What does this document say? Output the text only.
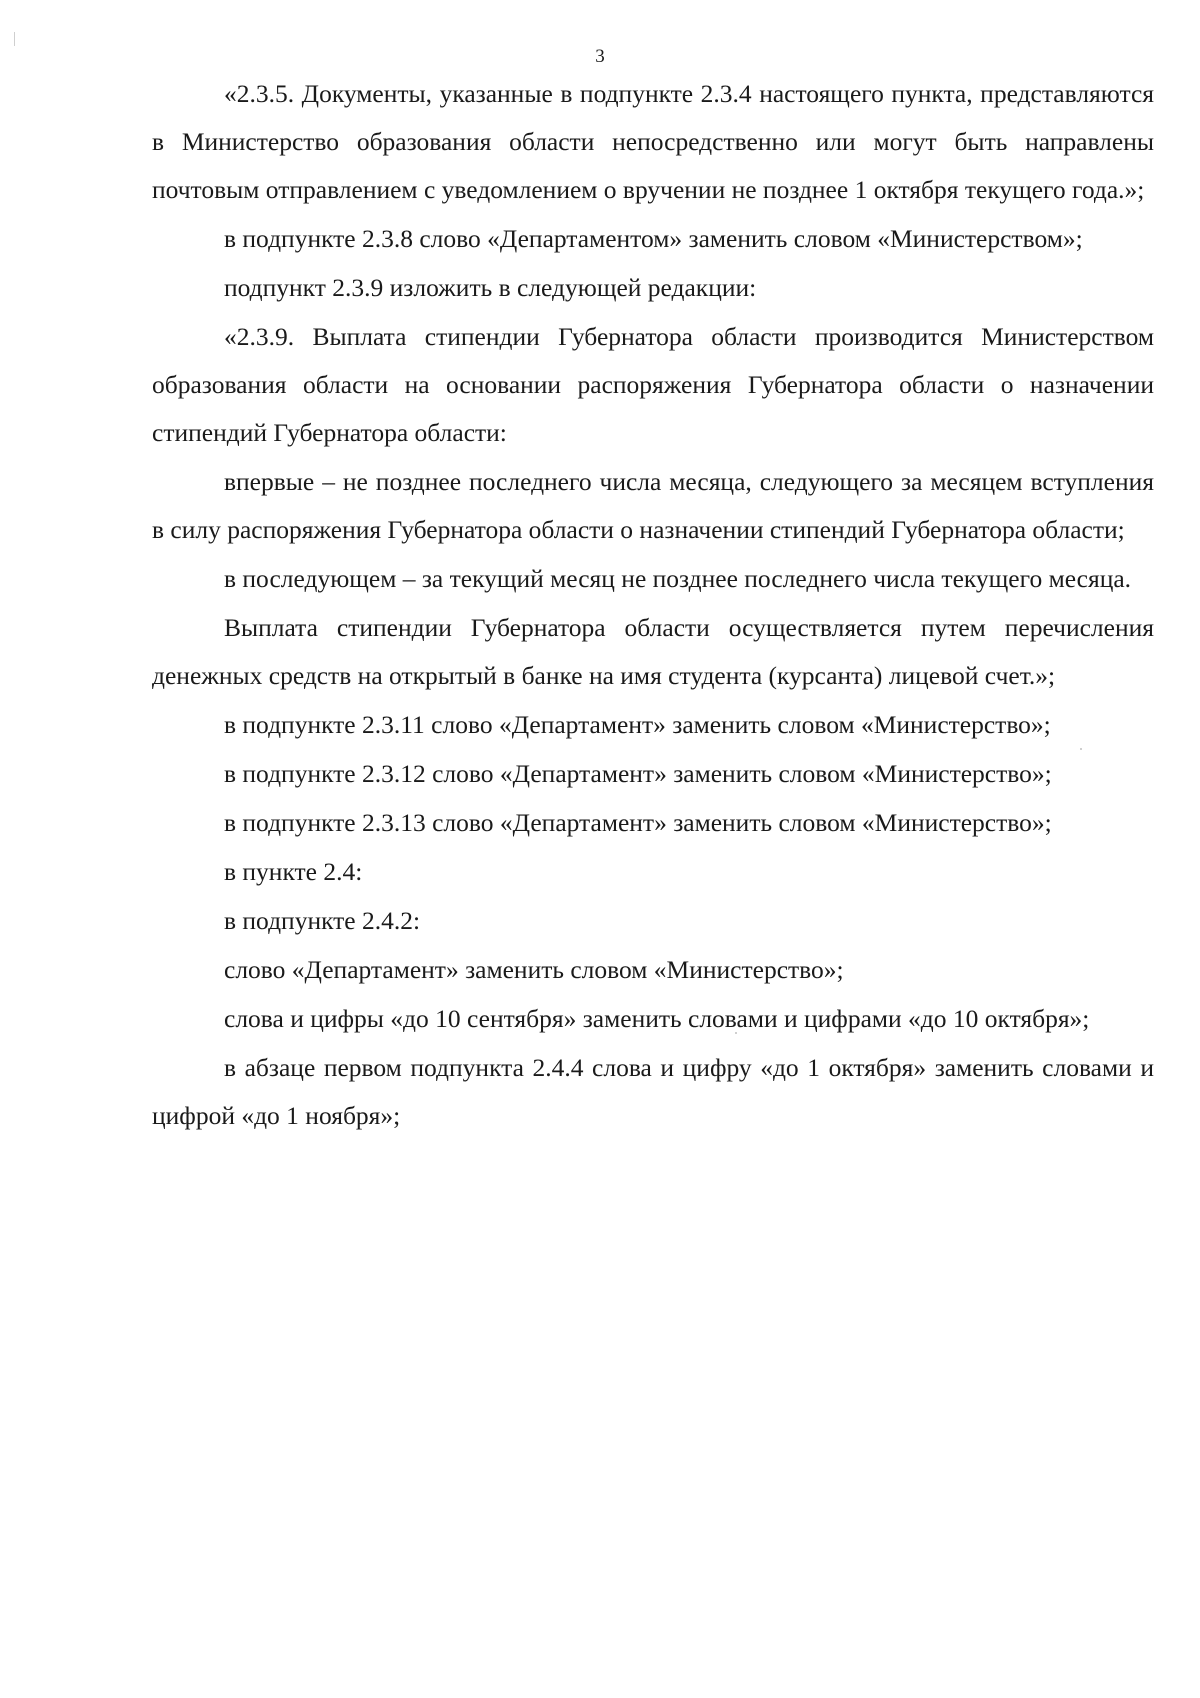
3

«2.3.5. Документы, указанные в подпункте 2.3.4 настоящего пункта, представляются в Министерство образования области непосредственно или могут быть направлены почтовым отправлением с уведомлением о вручении не позднее 1 октября текущего года.»;

в подпункте 2.3.8 слово «Департаментом» заменить словом «Министерством»;

подпункт 2.3.9 изложить в следующей редакции:

«2.3.9. Выплата стипендии Губернатора области производится Министерством образования области на основании распоряжения Губернатора области о назначении стипендий Губернатора области:

впервые – не позднее последнего числа месяца, следующего за месяцем вступления в силу распоряжения Губернатора области о назначении стипендий Губернатора области;

в последующем – за текущий месяц не позднее последнего числа текущего месяца.

Выплата стипендии Губернатора области осуществляется путем перечисления денежных средств на открытый в банке на имя студента (курсанта) лицевой счет.»;

в подпункте 2.3.11 слово «Департамент» заменить словом «Министерство»;

в подпункте 2.3.12 слово «Департамент» заменить словом «Министерство»;

в подпункте 2.3.13 слово «Департамент» заменить словом «Министерство»;

в пункте 2.4:

в подпункте 2.4.2:

слово «Департамент» заменить словом «Министерство»;

слова и цифры «до 10 сентября» заменить словами и цифрами «до 10 октября»;

в абзаце первом подпункта 2.4.4 слова и цифру «до 1 октября» заменить словами и цифрой «до 1 ноября»;
